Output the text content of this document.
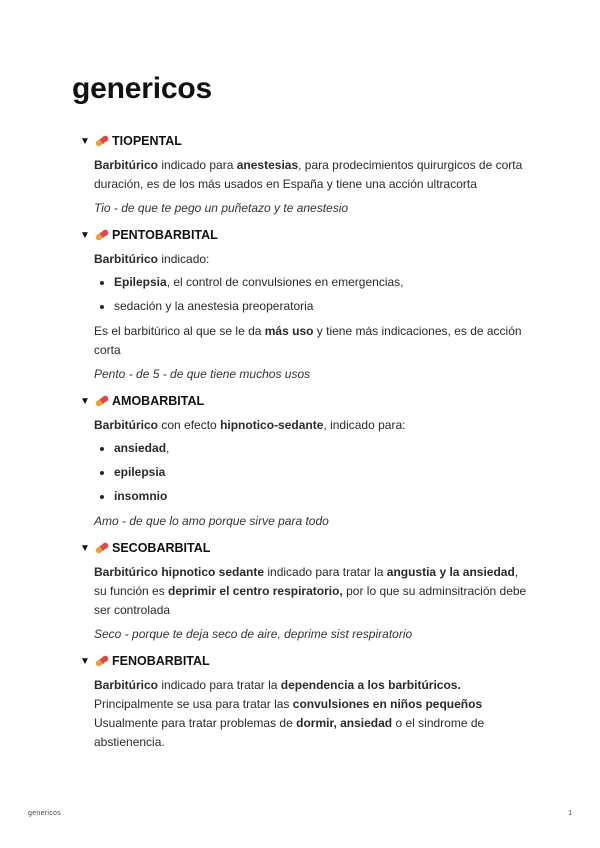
genericos
▼	TIOPENTAL

Barbitúrico indicado para anestesias, para prodecimientos quirurgicos de corta duración, es de los más usados en España y tiene una acción ultracorta

Tio - de que te pego un puñetazo y te anestesio
▼	PENTOBARBITAL

Barbitúrico indicado:

• Epilepsia, el control de convulsiones en emergencias,
• sedación y la anestesia preoperatoria

Es el barbitúrico al que se le da más uso y tiene más indicaciones, es de acción corta

Pento - de 5 - de que tiene muchos usos
▼	AMOBARBITAL

Barbitúrico con efecto hipnotico-sedante, indicado para:

• ansiedad,
• epilepsia
• insomnio
Amo - de que lo amo porque sirve para todo
▼	SECOBARBITAL

Barbitúrico hipnotico sedante indicado para tratar la angustia y la ansiedad, su función es deprimir el centro respiratorio, por lo que su adminsitración debe ser controlada

Seco - porque te deja seco de aire, deprime sist respiratorio
▼	FENOBARBITAL

Barbitúrico indicado para tratar la dependencia a los barbitúricos. Principalmente se usa para tratar las convulsiones en niños pequeños Usualmente para tratar problemas de dormir, ansiedad o el sindrome de abstienencia.

genericos	1
